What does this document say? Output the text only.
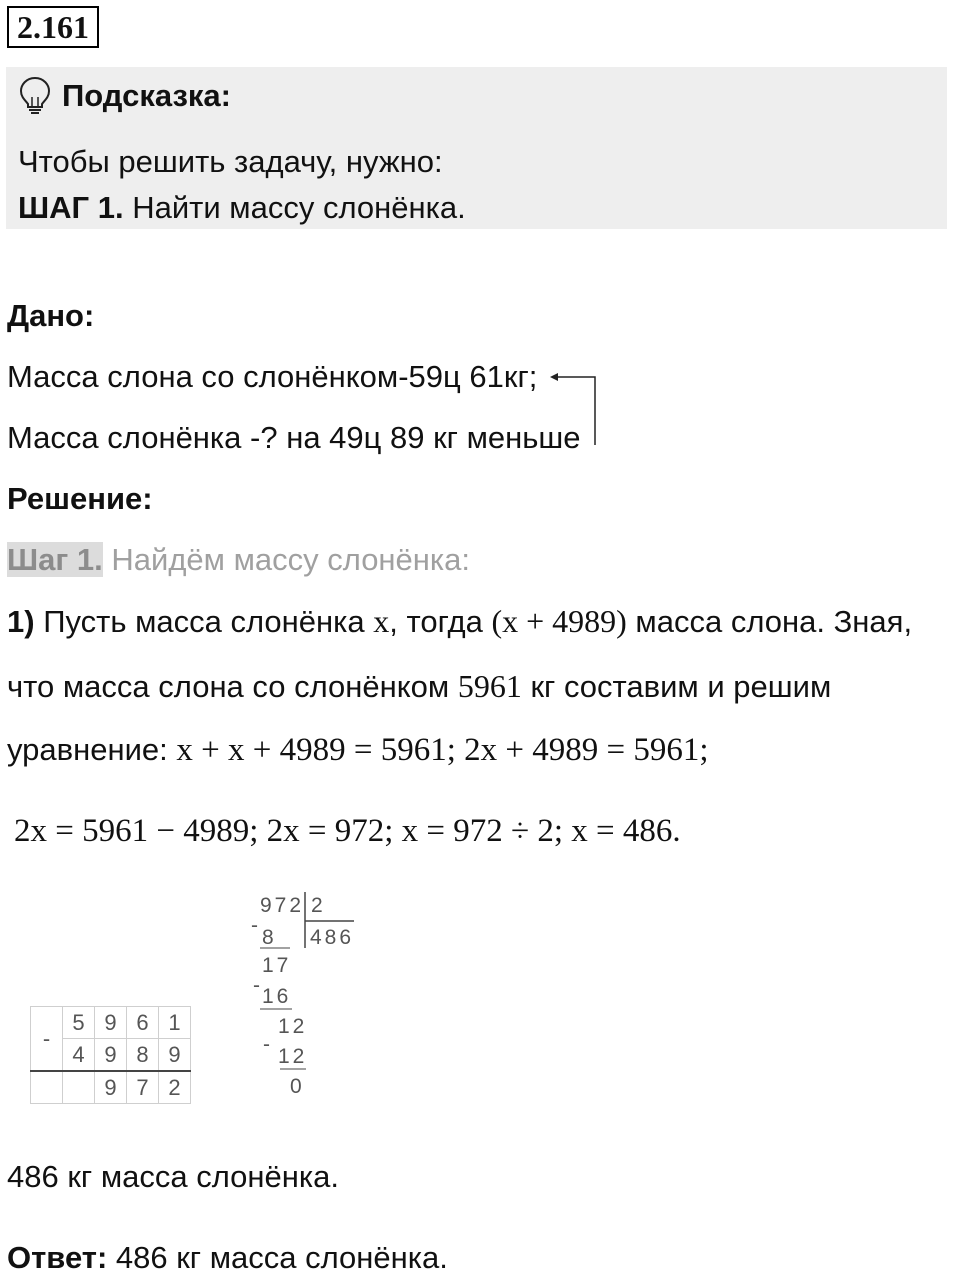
2.161
Подсказка:
Чтобы решить задачу, нужно:
ШАГ 1. Найти массу слонёнка.
Дано:
Масса слона со слонёнком-59ц 61кг;
Масса слонёнка -? на 49ц 89 кг меньше
Решение:
Шаг 1. Найдём массу слонёнка:
1) Пусть масса слонёнка x, тогда (x + 4989) масса слона. Зная,
что масса слона со слонёнком 5961 кг составим и решим
уравнение: x + x + 4989 = 5961; 2x + 4989 = 5961;
2x = 5961 − 4989; 2x = 972; x = 972 ÷ 2; x = 486.
-	5	9	6	1
	4	9	8	9
		9	7	2
972 2
486
-
8
17
- 16
12
-
12
0
486 кг масса слонёнка.
Ответ: 486 кг масса слонёнка.
